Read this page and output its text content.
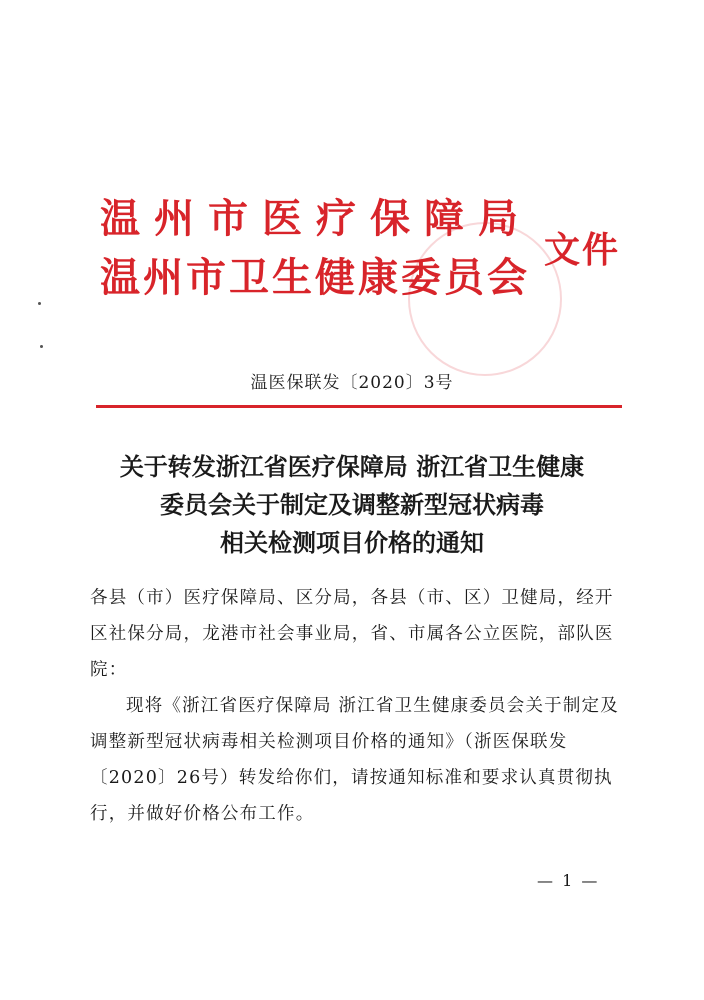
温州市医疗保障局
温州市卫生健康委员会
文件
温医保联发〔2020〕3号
关于转发浙江省医疗保障局 浙江省卫生健康
委员会关于制定及调整新型冠状病毒
相关检测项目价格的通知

各县（市）医疗保障局、区分局，各县（市、区）卫健局，经开区社保分局，龙港市社会事业局，省、市属各公立医院，部队医院：

现将《浙江省医疗保障局 浙江省卫生健康委员会关于制定及调整新型冠状病毒相关检测项目价格的通知》（浙医保联发〔2020〕26号）转发给你们，请按通知标准和要求认真贯彻执行，并做好价格公布工作。

— 1 —
